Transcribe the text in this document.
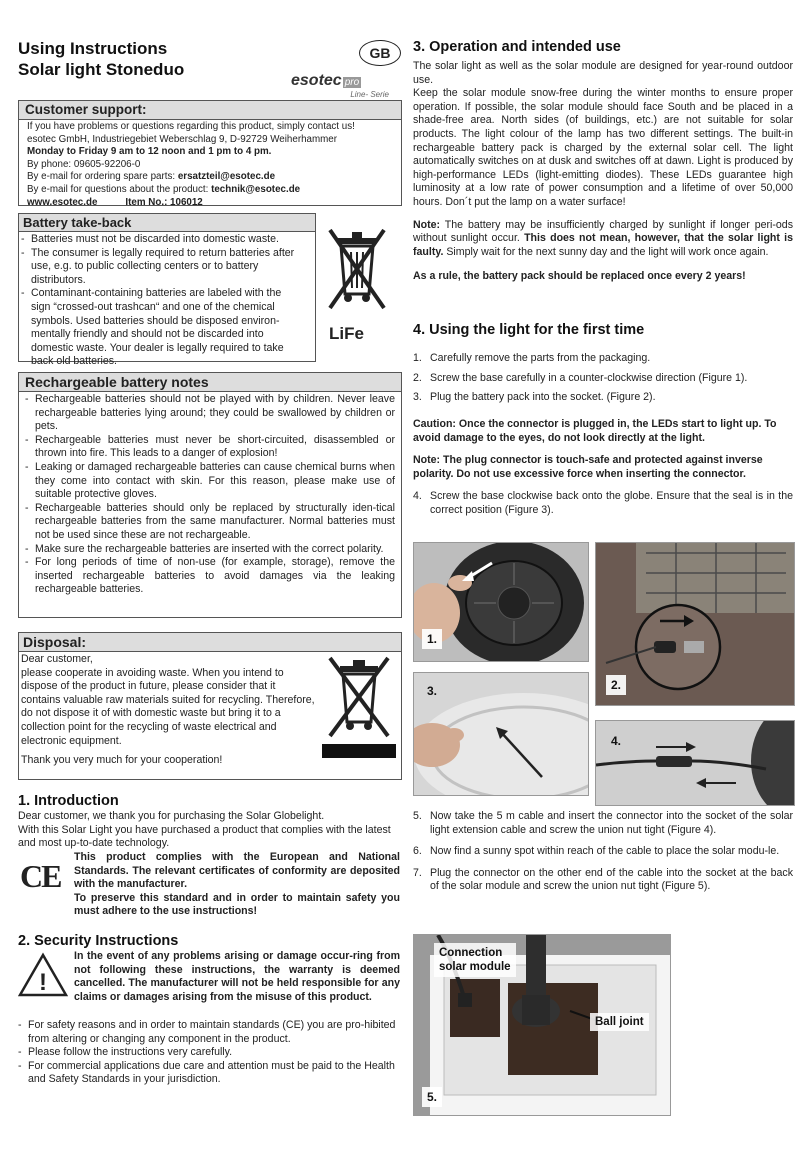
Using Instructions
Solar light Stoneduo
GB
esotec pro
Line- Serie
Customer support:
If you have problems or questions regarding this product, simply contact us!
esotec GmbH, Industriegebiet Weberschlag 9, D-92729 Weiherhammer
Monday to Friday 9 am to 12 noon and 1 pm to 4 pm.
By phone: 09605-92206-0
By e-mail for ordering spare parts: ersatzteil@esotec.de
By e-mail for questions about the product: technik@esotec.de
www.esotec.de	Item No.: 106012
Battery take-back
- Batteries must not be discarded into domestic waste.
- The consumer is legally required to return batteries after use, e.g. to public collecting centers or to battery distributors.
- Contaminant-containing batteries are labeled with the sign “crossed-out trashcan“ and one of the chemical symbols. Used batteries should be disposed environ-mentally friendly and should not be discarded into domestic waste. Your dealer is legally required to take back old batteries.
LiFe
Rechargeable battery notes
- Rechargeable batteries should not be played with by children. Never leave rechargeable batteries lying around; they could be swallowed by children or pets.
- Rechargeable batteries must never be short-circuited, disassembled or thrown into fire. This leads to a danger of explosion!
- Leaking or damaged rechargeable batteries can cause chemical burns when they come into contact with skin. For this reason, please make use of suitable protective gloves.
- Rechargeable batteries should only be replaced by structurally iden-tical rechargeable batteries from the same manufacturer. Normal batteries must not be used since these are not rechargeable.
- Make sure the rechargeable batteries are inserted with the correct polarity.
- For long periods of time of non-use (for example, storage), remove the inserted rechargeable batteries to avoid damages via the leaking rechargeable batteries.
Disposal:

Dear customer,

please cooperate in avoiding waste. When you intend to dispose of the product in future, please consider that it contains valuable raw materials suited for recycling. Therefore, do not dispose it of with domestic waste but bring it to a collection point for the recycling of waste electrical and electronic equipment.

Thank you very much for your cooperation!

1. Introduction

Dear customer, we thank you for purchasing the Solar Globelight.

With this Solar Light you have purchased a product that complies with the latest and most up-to-date technology.

CE

This product complies with the European and National Standards. The relevant certificates of conformity are deposited with the manufacturer.

To preserve this standard and in order to maintain safety you must adhere to the use instructions!

2. Security Instructions
!

In the event of any problems arising or damage occur-ring from not following these instructions, the warranty is deemed cancelled. The manufacturer will not be held responsible for any claims or damages arising from the misuse of this product.

- For safety reasons and in order to maintain standards (CE) you are pro-hibited from altering or changing any component in the product.
- Please follow the instructions very carefully.
- For commercial applications due care and attention must be paid to the Health and Safety Standards in your jurisdiction.
3. Operation and intended use

The solar light as well as the solar module are designed for year-round outdoor use.

Keep the solar module snow-free during the winter months to ensure proper operation. If possible, the solar module should face South and be placed in a shade-free area. North sides (of buildings, etc.) are not suitable for solar products. The light colour of the lamp has two different settings. The built-in rechargeable battery pack is charged by the external solar cell. The light automatically switches on at dusk and switches off at dawn. Light is produced by high-performance LEDs (light-emitting diodes). These LEDs guarantee high luminosity at a low rate of power consumption and a lifetime of over 50,000 hours. Don´t put the lamp on a water surface!

Note: The battery may be insufficiently charged by sunlight if longer peri-ods without sunlight occur. This does not mean, however, that the solar light is faulty. Simply wait for the next sunny day and the light will work once again.

As a rule, the battery pack should be replaced once every 2 years!

4. Using the light for the first time
1. Carefully remove the parts from the packaging.
2. Screw the base carefully in a counter-clockwise direction (Figure 1).
3. Plug the battery pack into the socket. (Figure 2).

Caution: Once the connector is plugged in, the LEDs start to light up. To avoid damage to the eyes, do not look directly at the light.

Note: The plug connector is touch-safe and protected against inverse polarity. Do not use excessive force when inserting the connector.

4. Screw the base clockwise back onto the globe. Ensure that the seal is in the correct position (Figure 3).
1.
2.
3.
4.
5. Now take the 5 m cable and insert the connector into the socket of the solar light extension cable and screw the union nut tight (Figure 4).
6. Now find a sunny spot within reach of the cable to place the solar modu-le.
7. Plug the connector on the other end of the cable into the socket at the back of the solar module and screw the union nut tight (Figure 5).
Connection
solar module
Ball joint
5.
